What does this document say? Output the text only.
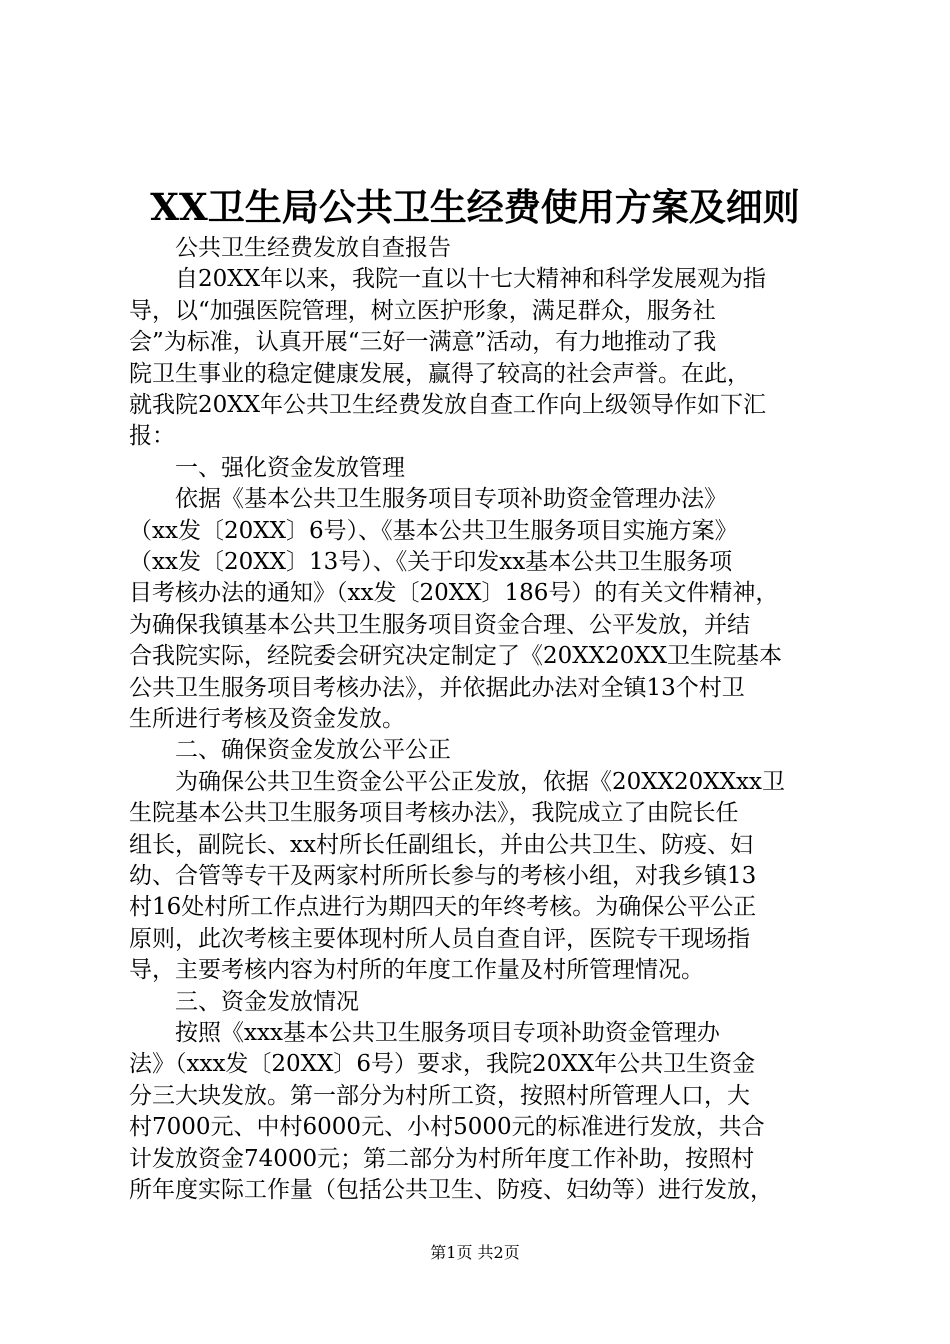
XX卫生局公共卫生经费使用方案及细则
　　公共卫生经费发放自查报告
　　自20XX年以来，我院一直以十七大精神和科学发展观为指
导，以“加强医院管理，树立医护形象，满足群众，服务社
会”为标准，认真开展“三好一满意”活动，有力地推动了我
院卫生事业的稳定健康发展，赢得了较高的社会声誉。在此，
就我院20XX年公共卫生经费发放自查工作向上级领导作如下汇
报：
　　一、强化资金发放管理
　　依据《基本公共卫生服务项目专项补助资金管理办法》
（xx发〔20XX〕6号）、《基本公共卫生服务项目实施方案》
（xx发〔20XX〕13号）、《关于印发xx基本公共卫生服务项
目考核办法的通知》（xx发〔20XX〕186号）的有关文件精神，
为确保我镇基本公共卫生服务项目资金合理、公平发放，并结
合我院实际，经院委会研究决定制定了《20XX20XX卫生院基本
公共卫生服务项目考核办法》，并依据此办法对全镇13个村卫
生所进行考核及资金发放。
　　二、确保资金发放公平公正
　　为确保公共卫生资金公平公正发放，依据《20XX20XXxx卫
生院基本公共卫生服务项目考核办法》，我院成立了由院长任
组长，副院长、xx村所长任副组长，并由公共卫生、防疫、妇
幼、合管等专干及两家村所所长参与的考核小组，对我乡镇13
村16处村所工作点进行为期四天的年终考核。为确保公平公正
原则，此次考核主要体现村所人员自查自评，医院专干现场指
导，主要考核内容为村所的年度工作量及村所管理情况。
　　三、资金发放情况
　　按照《xxx基本公共卫生服务项目专项补助资金管理办
法》（xxx发〔20XX〕6号）要求，我院20XX年公共卫生资金
分三大块发放。第一部分为村所工资，按照村所管理人口，大
村7000元、中村6000元、小村5000元的标准进行发放，共合
计发放资金74000元；第二部分为村所年度工作补助，按照村
所年度实际工作量（包括公共卫生、防疫、妇幼等）进行发放，
第1页 共2页
